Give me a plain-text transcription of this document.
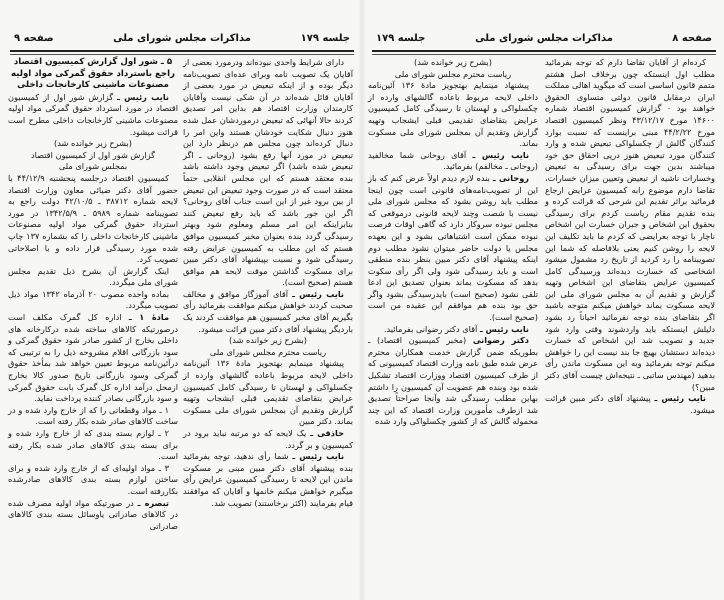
صفحه ۹	مذاکرات مجلس شورای ملی	جلسه ۱۷۹

دارای شرایط واحدی نبوده‌اند ودرمورد بعضی از آقایان یک تصویب نامه وبرای عده‌ای تصویب‌نامه دیگر بوده و از اینکه تبعیض در مورد بعضی از آقایان قائل شده‌اند در آن شکی نیست وآقایان کارمندان وزارت اقتصاد هم بداین امر تصدیق کردند حالا آنهائی که تبعیض درموردشان عمل شده هنوز دنبال شکایت خودشان هستند واین امر را دنبال کرده‌اند چون مجلس هم درنظر دارد این تبعیض در مورد آنها رفع بشود (روحانی ـ اگر تبعیض شده باشد) اگر تبعیض وجود داشته باشد بنده معتقد هستم که این مجلس انقلابی حتماً معتقد است که در صورت وجود تبعیض این تبعیض از بین برود غیر از این است جناب آقای روحانی؟ اگر این جور باشد که باید رفع تبعیض کنند بنابراینکه این امر مسلم ومعلوم شود وبهتر رسیدگی گردد بنده بعنوان مخبر کمیسیون موافق هستم که این مطلب به کمیسیون عرایض رفته رسیدگی شود و نسبت بپیشنهاد آقای دکتر مبین برای مسکوت گذاشتن موقت لایحه هم موافق هستم (صحیح است).

نایب رئیس ـ آقای آموزگار موافق و مخالف صحبت کردند خواهش میکنم موافقت بفرمائید رأی بگیریم آقای مخبر کمیسیون هم موافقت کردند یک باردیگر پیشنهاد آقای دکتر مبین قرائت میشود.

(بشرح زیر خوانده شد)

ریاست محترم مجلس شورای ملی

پیشنهاد مینمایم بهتجویز مادهٔ ۱۳۶ آئین‌نامه داخلی لایحه مربوط باعاده گالشهای وارده از چکسلواکی و لهستان تا رسیدگی کامل کمیسیون عرایض بتقاضای تقدیمی قبلی ایشجاب وتهیه گزارش وتقدیم آن بمجلس شورای ملی مسکوت بماند. دکتر مبین

حاذقی ـ یک لایحه که دو مرتبه نباید برود در کمیسیون و بر گردد.

نایب رئیس ـ شما رأی ندهید، توجه بفرمائید بنده پیشنهاد آقای دکتر مبین مبنی بر مسکوت ماندن این لایحه تا رسیدگی کمیسیون عرایض رأی میگیرم خواهش میکنم خانمها و آقایان که موافقند قیام بفرمایند (اکثر برخاستند) تصویب شد.

۵ ـ شور اول گزارش کمیسیون اقتصاد راجع باسترداد حقوق گمرکی مواد اولیه مصنوعات ماشینی کارخانجات داخلی

نایب رئیس ـ گزارش شور اول از کمیسیون اقتصاد در مورد استرداد حقوق گمرکی مواد اولیه مصنوعات ماشینی کارخانجات داخلی مطرح است قرائت میشود.

(بشرح زیر خوانده شد)

گزارش شور اول از کمیسیون اقتصاد

بمجلس شورای ملی

کمیسیون اقتصاد درجلسه پنجشنبه ۴۴/۱۲/۹ با حضور آقای دکتر ضیائی معاون وزارت اقتصاد لایحه شماره ۳۸۷۱۲ ـ ۴۲/۱۰/۵ دولت راجع به تصویبنامه شماره ۵۹۸۹ ـ ۱۳۴۲/۵/۹ در مورد استرداد حقوق گمرکی مواد اولیه مصنوعات ماشینی کارخانجات داخلی را که بشماره ۱۳۷ چاپ شده مورد رسیدگی قرار داده و با اصلاحاتی تصویب کرد.

اینک گزارش آن بشرح ذیل تقدیم مجلس شورای ملی میگردد.

بماده واحده مصوب ۲۰ آذرماه ۱۳۴۲ مواد ذیل تصویب میگردد.

مادهٔ ۱ ـ اداره کل گمرک مکلف است درصورتیکه کالاهای ساخته شده درکارخانه های داخلی بخارج از کشور صادر شود حقوق گمرکی و سود بازرگانی اقلام مشروحه ذیل را به ترتیبی که درآئین‌نامه مربوط تعیین خواهد شد بمأخذ حقوق گمرکی وسود بازرگانی تاریخ صدور کالا بخارج ازمحل درآمد اداره کل گمرک بابت حقوق گمرکی و سود بازرگانی بصادر کننده پرداخت نماید.

۱ ـ مواد وقطعاتی را که از خارج وارد شده و در ساخت کالاهای صادر شده بکار رفته است.

۲ ـ لوازم بسته بندی که از خارج وارد شده و برای بسته بندی کالاهای صادر شده بکار رفته است.

۳ ـ مواد اولیه‌ای که از خارج وارد شده و برای ساختن لوازم بسته بندی کالاهای صادرشده بکاررفته است.

تبصره ـ در صورتیکه مواد اولیه مصرف شده در کالاهای صادراتی یاوسائل بسته بندی کالاهای صادراتی

جلسه ۱۷۹	مذاکرات مجلس شورای ملی	صفحه ۸

کرده‌ام از آقایان تقاضا دارم که توجه بفرمائید مطلب اول اینستکه چون برخلاف اصل هشتم متمم قانون اساسی است که میگوید اهالی مملکت ایران درمقابل قانون دولتی متساوی الحقوق خواهند بود ۰ گزارش کمیسیون اقتصاد شماره ۱۴۶۰۰ مورخ ۴۳/۱۲/۱۷ ونظر کمیسیون اقتصاد مورخ ۴۴/۲/۲۲ مبنی براینست که نسبت بوارد کنندگان گالش از چکسلواکی تبعیض شده و وارد کنندگان مورد تبعیض هنوز درپی احقاق حق خود میباشند بدین جهت برای رسیدگی به تبعیض وخسارات ناشیه از تبعیض وتعیین میزان خسارات، تقاضا دارم موضوع رابه کمیسیون عرایض ارجاع فرمائید براثر تقدیم این شرحی که قرائت کرده و بنده تقدیم مقام ریاست کردم برای رسیدگی بحقوق این اشخاص و جبران خسارت این اشخاص ناچار با توجه بعرایضی که کردم ما باید تکلیف این لایحه را روشن کنیم یعنی بلافاصله که شما این تصویبنامه را رد کردید از تاریخ رد مشمول میشود اشخاصی که خسارت دیده‌اند ورسیدگی کامل کمیسیون عرایض بتقاضای این اشخاص وتهیه گزارش و تقدیم آن به مجلس شورای ملی این لایحه مسکوت بماند خواهش میکنم متوجه باشید اگر بتقاضای بنده توجه نفرمائید احیاناً رد بشود دلیلش اینستکه باید واردشوند وقتی وارد شود جدید و تصویب شد این اشخاص که خسارت دیده‌اند دستشان بهیچ جا بند نیست این را خواهش میکنم توجه بفرمائید وبه این مسکوت ماندن رأی بدهید (مهندس ساتبی ـ نتیجه‌اش چیست آقای دکتر مبین؟)

نایب رئیس ـ پیشنهاد آقای دکتر مبین قرائت میشود.

(بشرح زیر خوانده شد)

ریاست محترم مجلس شورای ملی

پیشنهاد مینمایم بهتجویز مادهٔ ۱۳۶ آئین‌نامه داخلی لایحه مربوط باعاده گالشهای وارده از چکسلواکی و لهستان تا رسیدگی کامل کمیسیون عرایض بتقاضای تقدیمی قبلی ایشجاب وتهیه گزارش وتقدیم آن بمجلس شورای ملی مسکوت بماند.

نایب رئیس ـ آقای روحانی شما مخالفید (روحانی ـ مخالفم) بفرمائید.

روحانی ـ بنده لازم دیدم اولاً عرض کنم که باز این از تصویب‌نامه‌های قانونی است چون اینجا مطلب باید روشن بشود که مجلس شورای ملی نیست با شصت وچند لایحه قانونی درموقعی که مجلس نبوده سروکار دارد که گاهی اوقات فرصت نبوده ممکن است اشتباهاتی بشود و این بعهده مجلس یا دولت حاضر میتوان نشود مطلب دوم اینکه پیشنهاد آقای دکتر مبین بنظر بنده منطقی است و باید رسیدگی شود ولی اگر رأی سکوت بدهد که مسکوت بماند بعنوان تصدیق این ادعا تلقی نشود (صحیح است) بایدرسیدگی بشود واگر حق بود بنده هم موافقم این عقیده من است (صحیح است).

نایب رئیس ـ آقای دکتر رضوانی بفرمائید.

دکتر رضوانی (مخبر کمیسیون اقتصاد) ـ بطوریکه ضمن گزارش خدمت همکاران محترم عرض شده طبق نامه وزارت اقتصاد کمیسیونی که از طرف کمیسیون اقتصاد ووزارت اقتصاد تشکیل شده بود وبنده هم عضویت آن کمیسیون را داشتم بهاین مطلب رسیدگی شد وآنجا صراحتاً تصدیق شد ازطرف مأمورین وزارت اقتصاد که این چند محموله گالش که از کشور چکسلواکی وارد شده
